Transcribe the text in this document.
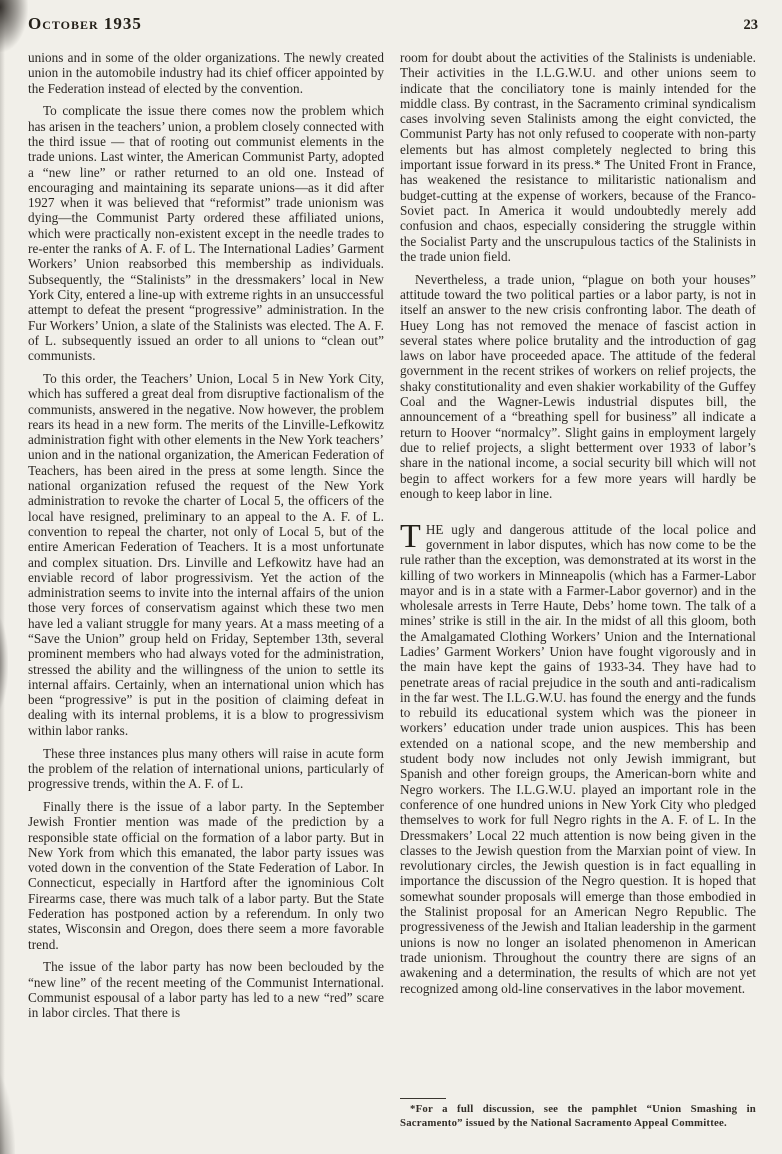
October 1935	23

unions and in some of the older organizations. The newly created union in the automobile industry had its chief officer appointed by the Federation instead of elected by the convention.

To complicate the issue there comes now the problem which has arisen in the teachers’ union, a problem closely connected with the third issue — that of rooting out communist elements in the trade unions. Last winter, the American Communist Party, adopted a “new line” or rather returned to an old one. Instead of encouraging and maintaining its separate unions—as it did after 1927 when it was believed that “reformist” trade unionism was dying—the Communist Party ordered these affiliated unions, which were practically non-existent except in the needle trades to re-enter the ranks of A. F. of L. The International Ladies’ Garment Workers’ Union reabsorbed this membership as individuals. Subsequently, the “Stalinists” in the dressmakers’ local in New York City, entered a line-up with extreme rights in an unsuccessful attempt to defeat the present “progressive” administration. In the Fur Workers’ Union, a slate of the Stalinists was elected. The A. F. of L. subsequently issued an order to all unions to “clean out” communists.

To this order, the Teachers’ Union, Local 5 in New York City, which has suffered a great deal from disruptive factionalism of the communists, answered in the negative. Now however, the problem rears its head in a new form. The merits of the Linville-Lefkowitz administration fight with other elements in the New York teachers’ union and in the national organization, the American Federation of Teachers, has been aired in the press at some length. Since the national organization refused the request of the New York administration to revoke the charter of Local 5, the officers of the local have resigned, preliminary to an appeal to the A. F. of L. convention to repeal the charter, not only of Local 5, but of the entire American Federation of Teachers. It is a most unfortunate and complex situation. Drs. Linville and Lefkowitz have had an enviable record of labor progressivism. Yet the action of the administration seems to invite into the internal affairs of the union those very forces of conservatism against which these two men have led a valiant struggle for many years. At a mass meeting of a “Save the Union” group held on Friday, September 13th, several prominent members who had always voted for the administration, stressed the ability and the willingness of the union to settle its internal affairs. Certainly, when an international union which has been “progressive” is put in the position of claiming defeat in dealing with its internal problems, it is a blow to progressivism within labor ranks.

These three instances plus many others will raise in acute form the problem of the relation of international unions, particularly of progressive trends, within the A. F. of L.

Finally there is the issue of a labor party. In the September Jewish Frontier mention was made of the prediction by a responsible state official on the formation of a labor party. But in New York from which this emanated, the labor party issues was voted down in the convention of the State Federation of Labor. In Connecticut, especially in Hartford after the ignominious Colt Firearms case, there was much talk of a labor party. But the State Federation has postponed action by a referendum. In only two states, Wisconsin and Oregon, does there seem a more favorable trend.

The issue of the labor party has now been beclouded by the “new line” of the recent meeting of the Communist International. Communist espousal of a labor party has led to a new “red” scare in labor circles. That there is

room for doubt about the activities of the Stalinists is undeniable. Their activities in the I.L.G.W.U. and other unions seem to indicate that the conciliatory tone is mainly intended for the middle class. By contrast, in the Sacramento criminal syndicalism cases involving seven Stalinists among the eight convicted, the Communist Party has not only refused to cooperate with non-party elements but has almost completely neglected to bring this important issue forward in its press.* The United Front in France, has weakened the resistance to militaristic nationalism and budget-cutting at the expense of workers, because of the Franco-Soviet pact. In America it would undoubtedly merely add confusion and chaos, especially considering the struggle within the Socialist Party and the unscrupulous tactics of the Stalinists in the trade union field.

Nevertheless, a trade union, “plague on both your houses” attitude toward the two political parties or a labor party, is not in itself an answer to the new crisis confronting labor. The death of Huey Long has not removed the menace of fascist action in several states where police brutality and the introduction of gag laws on labor have proceeded apace. The attitude of the federal government in the recent strikes of workers on relief projects, the shaky constitutionality and even shakier workability of the Guffey Coal and the Wagner-Lewis industrial disputes bill, the announcement of a “breathing spell for business” all indicate a return to Hoover “normalcy”. Slight gains in employment largely due to relief projects, a slight betterment over 1933 of labor’s share in the national income, a social security bill which will not begin to affect workers for a few more years will hardly be enough to keep labor in line.

THE ugly and dangerous attitude of the local police and government in labor disputes, which has now come to be the rule rather than the exception, was demonstrated at its worst in the killing of two workers in Minneapolis (which has a Farmer-Labor mayor and is in a state with a Farmer-Labor governor) and in the wholesale arrests in Terre Haute, Debs’ home town. The talk of a mines’ strike is still in the air. In the midst of all this gloom, both the Amalgamated Clothing Workers’ Union and the International Ladies’ Garment Workers’ Union have fought vigorously and in the main have kept the gains of 1933-34. They have had to penetrate areas of racial prejudice in the south and anti-radicalism in the far west. The I.L.G.W.U. has found the energy and the funds to rebuild its educational system which was the pioneer in workers’ education under trade union auspices. This has been extended on a national scope, and the new membership and student body now includes not only Jewish immigrant, but Spanish and other foreign groups, the American-born white and Negro workers. The I.L.G.W.U. played an important role in the conference of one hundred unions in New York City who pledged themselves to work for full Negro rights in the A. F. of L. In the Dressmakers’ Local 22 much attention is now being given in the classes to the Jewish question from the Marxian point of view. In revolutionary circles, the Jewish question is in fact equalling in importance the discussion of the Negro question. It is hoped that somewhat sounder proposals will emerge than those embodied in the Stalinist proposal for an American Negro Republic. The progressiveness of the Jewish and Italian leadership in the garment unions is now no longer an isolated phenomenon in American trade unionism. Throughout the country there are signs of an awakening and a determination, the results of which are not yet recognized among old-line conservatives in the labor movement.

*For a full discussion, see the pamphlet “Union Smashing in Sacramento” issued by the National Sacramento Appeal Committee.
